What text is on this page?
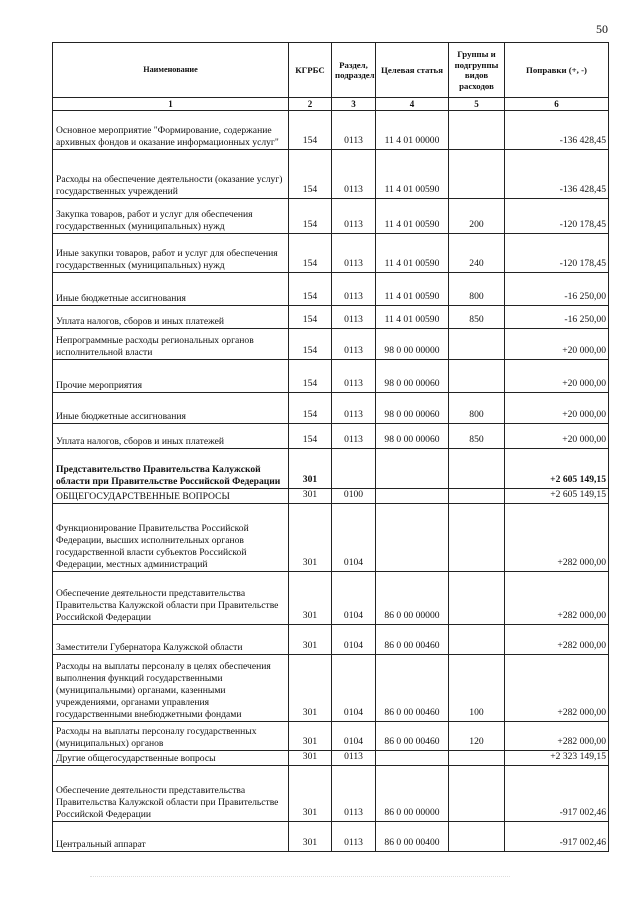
50
Наименование	КГРБС	Раздел, подраздел	Целевая статья	Группы и подгруппы видов расходов	Поправки (+, -)
1	2	3	4	5	6
Основное мероприятие "Формирование, содержание архивных фондов и оказание информационных услуг"	154	0113	11 4 01 00000		-136 428,45
Расходы на обеспечение деятельности (оказание услуг) государственных учреждений	154	0113	11 4 01 00590		-136 428,45
Закупка товаров, работ и услуг для обеспечения государственных (муниципальных) нужд	154	0113	11 4 01 00590	200	-120 178,45
Иные закупки товаров, работ и услуг для обеспечения государственных (муниципальных) нужд	154	0113	11 4 01 00590	240	-120 178,45
Иные бюджетные ассигнования	154	0113	11 4 01 00590	800	-16 250,00
Уплата налогов, сборов и иных платежей	154	0113	11 4 01 00590	850	-16 250,00
Непрограммные расходы региональных органов исполнительной власти	154	0113	98 0 00 00000		+20 000,00
Прочие мероприятия	154	0113	98 0 00 00060		+20 000,00
Иные бюджетные ассигнования	154	0113	98 0 00 00060	800	+20 000,00
Уплата налогов, сборов и иных платежей	154	0113	98 0 00 00060	850	+20 000,00
Представительство Правительства Калужской области при Правительстве Российской Федерации	301				+2 605 149,15
ОБЩЕГОСУДАРСТВЕННЫЕ ВОПРОСЫ	301	0100			+2 605 149,15
Функционирование Правительства Российской Федерации, высших исполнительных органов государственной власти субъектов Российской Федерации, местных администраций	301	0104			+282 000,00
Обеспечение деятельности представительства Правительства Калужской области при Правительстве Российской Федерации	301	0104	86 0 00 00000		+282 000,00
Заместители Губернатора Калужской области	301	0104	86 0 00 00460		+282 000,00
Расходы на выплаты персоналу в целях обеспечения выполнения функций государственными (муниципальными) органами, казенными учреждениями, органами управления государственными внебюджетными фондами	301	0104	86 0 00 00460	100	+282 000,00
Расходы на выплаты персоналу государственных (муниципальных) органов	301	0104	86 0 00 00460	120	+282 000,00
Другие общегосударственные вопросы	301	0113			+2 323 149,15
Обеспечение деятельности представительства Правительства Калужской области при Правительстве Российской Федерации	301	0113	86 0 00 00000		-917 002,46
Центральный аппарат	301	0113	86 0 00 00400		-917 002,46
